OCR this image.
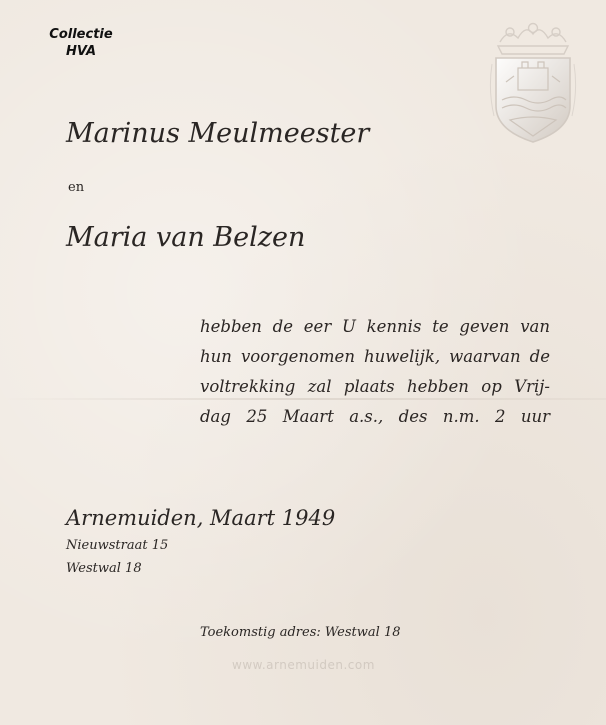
Collectie
HVA
Marinus Meulmeester
en
Maria van Belzen
hebben de eer U kennis te geven van
hun voorgenomen huwelijk, waarvan de
voltrekking zal plaats hebben op Vrij-
dag 25 Maart a.s., des n.m. 2 uur
Arnemuiden, Maart 1949
Nieuwstraat 15
Westwal 18
Toekomstig adres: Westwal 18
www.arnemuiden.com
